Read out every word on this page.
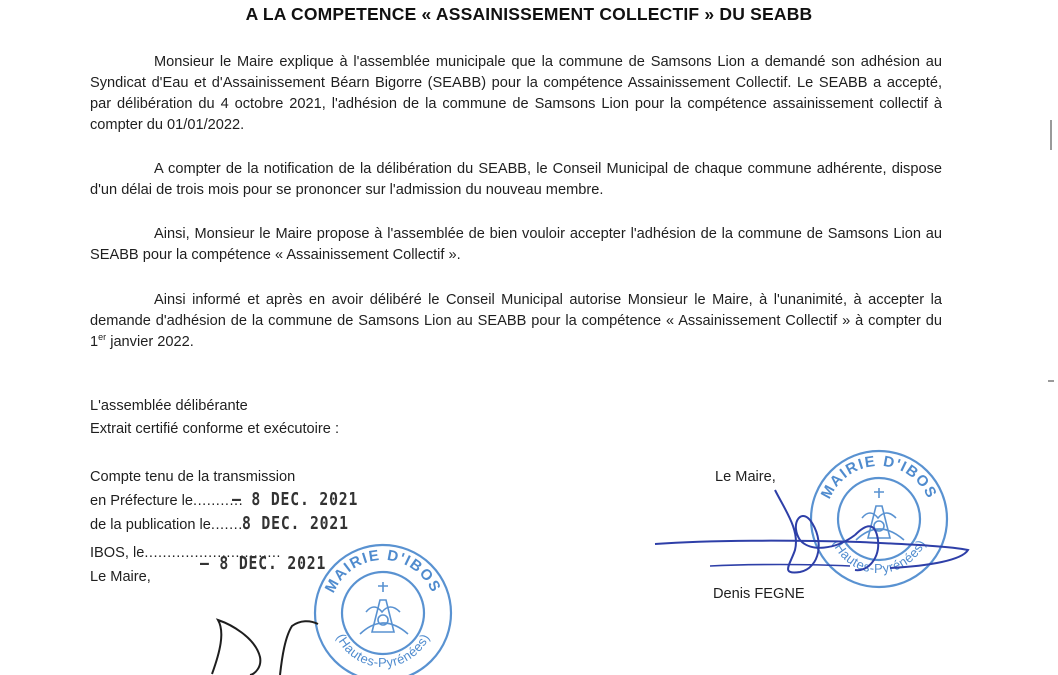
A LA COMPETENCE « ASSAINISSEMENT COLLECTIF » DU SEABB
Monsieur le Maire explique à l'assemblée municipale que la commune de Samsons Lion a demandé son adhésion au Syndicat d'Eau et d'Assainissement Béarn Bigorre (SEABB) pour la compétence Assainissement Collectif. Le SEABB a accepté, par délibération du 4 octobre 2021, l'adhésion de la commune de Samsons Lion pour la compétence assainissement collectif à compter du 01/01/2022.
A compter de la notification de la délibération du SEABB, le Conseil Municipal de chaque commune adhérente, dispose d'un délai de trois mois pour se prononcer sur l'admission du nouveau membre.
Ainsi, Monsieur le Maire propose à l'assemblée de bien vouloir accepter l'adhésion de la commune de Samsons Lion au SEABB pour la compétence « Assainissement Collectif ».
Ainsi informé et après en avoir délibéré le Conseil Municipal autorise Monsieur le Maire, à l'unanimité, à accepter la demande d'adhésion de la commune de Samsons Lion au SEABB pour la compétence « Assainissement Collectif » à compter du 1er janvier 2022.
L'assemblée délibérante
Extrait certifié conforme et exécutoire :
Compte tenu de la transmission
en Préfecture le...........
de la publication le.......
IBOS, le..............................
Le Maire,
– 8 DEC. 2021
8 DEC. 2021
– 8 DEC. 2021
Le Maire,
Denis FEGNE
MAIRIE D'IBOS
(Hautes-Pyrénées)
MAIRIE D'IBOS
(Hautes-Pyrénées)
